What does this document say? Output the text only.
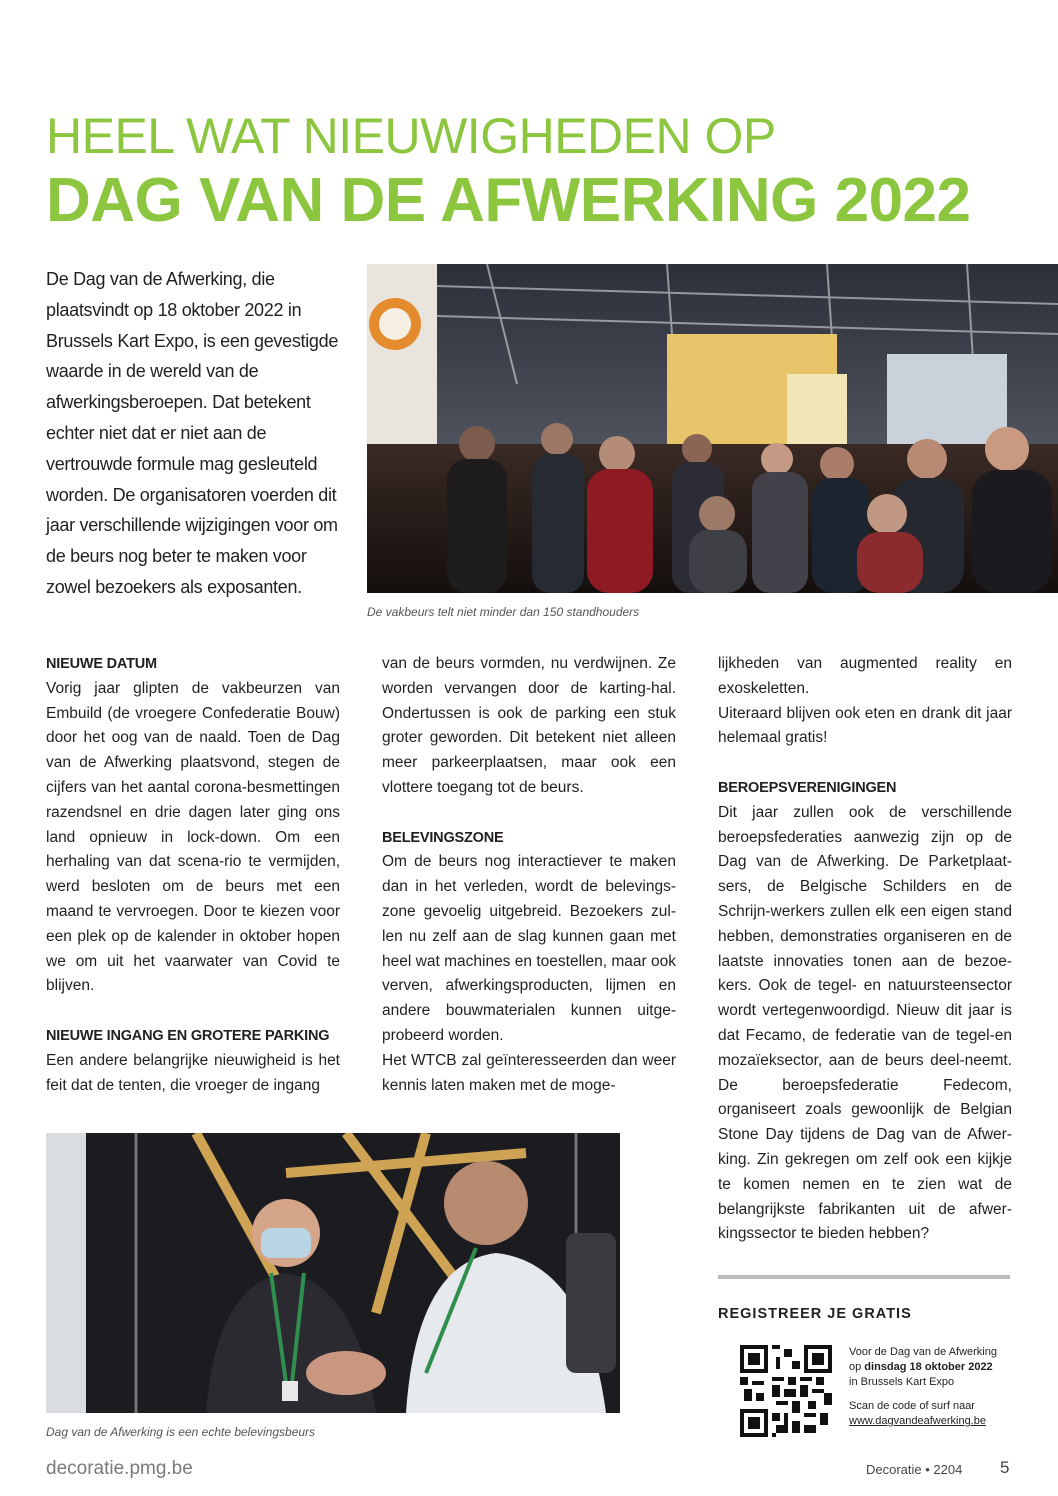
HEEL WAT NIEUWIGHEDEN OP
DAG VAN DE AFWERKING 2022
De Dag van de Afwerking, die
plaatsvindt op 18 oktober 2022 in
Brussels Kart Expo, is een gevestigde
waarde in de wereld van de
afwerkingsberoepen. Dat betekent
echter niet dat er niet aan de
vertrouwde formule mag gesleuteld
worden. De organisatoren voerden dit
jaar verschillende wijzigingen voor om
de beurs nog beter te maken voor
zowel bezoekers als exposanten.
De vakbeurs telt niet minder dan 150 standhouders
NIEUWE DATUM

Vorig jaar glipten de vakbeurzen van Embuild (de vroegere Confederatie Bouw) door het oog van de naald. Toen de Dag van de Afwerking plaatsvond, stegen de cijfers van het aantal corona-besmettingen razendsnel en drie dagen later ging ons land opnieuw in lock-down. Om een herhaling van dat scena-rio te vermijden, werd besloten om de beurs met een maand te vervroegen. Door te kiezen voor een plek op de kalender in oktober hopen we om uit het vaarwater van Covid te blijven.

NIEUWE INGANG EN GROTERE PARKING

Een andere belangrijke nieuwigheid is het feit dat de tenten, die vroeger de ingang

van de beurs vormden, nu verdwijnen. Ze worden vervangen door de karting-hal. Ondertussen is ook de parking een stuk groter geworden. Dit betekent niet alleen meer parkeerplaatsen, maar ook een vlottere toegang tot de beurs.

BELEVINGSZONE

Om de beurs nog interactiever te maken dan in het verleden, wordt de belevings-zone gevoelig uitgebreid. Bezoekers zul-len nu zelf aan de slag kunnen gaan met heel wat machines en toestellen, maar ook verven, afwerkingsproducten, lijmen en andere bouwmaterialen kunnen uitge-probeerd worden.

Het WTCB zal geïnteresseerden dan weer kennis laten maken met de moge-

lijkheden van augmented reality en exoskeletten.

Uiteraard blijven ook eten en drank dit jaar helemaal gratis!

BEROEPSVERENIGINGEN

Dit jaar zullen ook de verschillende beroepsfederaties aanwezig zijn op de Dag van de Afwerking. De Parketplaat-sers, de Belgische Schilders en de Schrijn-werkers zullen elk een eigen stand hebben, demonstraties organiseren en de laatste innovaties tonen aan de bezoe-kers. Ook de tegel- en natuursteensector wordt vertegenwoordigd. Nieuw dit jaar is dat Fecamo, de federatie van de tegel-en mozaïeksector, aan de beurs deel-neemt. De beroepsfederatie Fedecom, organiseert zoals gewoonlijk de Belgian Stone Day tijdens de Dag van de Afwer-king. Zin gekregen om zelf ook een kijkje te komen nemen en te zien wat de belangrijkste fabrikanten uit de afwer-kingssector te bieden hebben?

Dag van de Afwerking is een echte belevingsbeurs
REGISTREER JE GRATIS
Voor de Dag van de Afwerking
op dinsdag 18 oktober 2022
in Brussels Kart Expo
Scan de code of surf naar
www.dagvandeafwerking.be
decoratie.pmg.be	Decoratie • 2204 5
